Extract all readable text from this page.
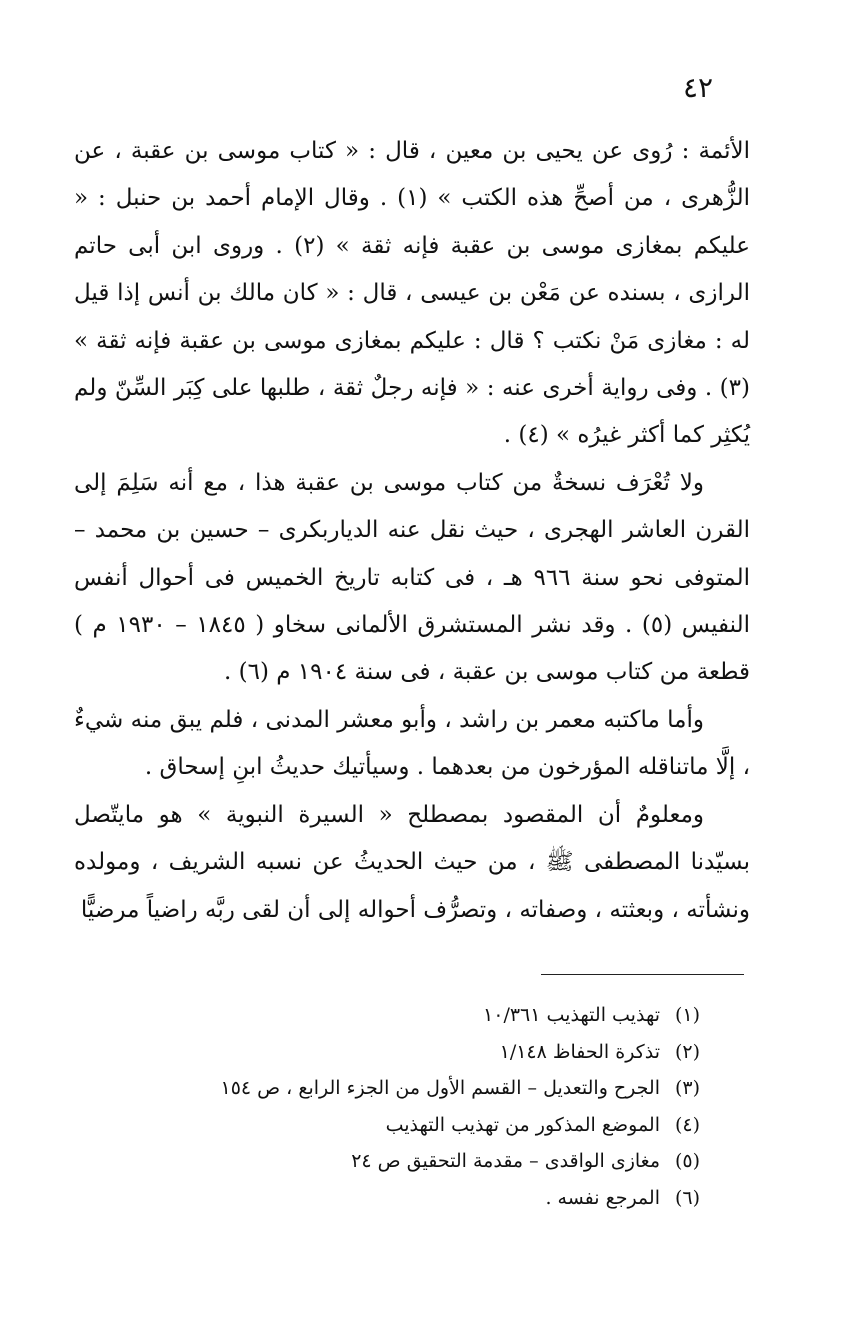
٤٢

الأئمة : رُوى عن يحيى بن معين ، قال : « كتاب موسى بن عقبة ، عن الزُّهرى ، من أصحِّ هذه الكتب » (١) . وقال الإمام أحمد بن حنبل : « عليكم بمغازى موسى بن عقبة فإنه ثقة » (٢) . وروى ابن أبى حاتم الرازى ، بسنده عن مَعْن بن عيسى ، قال : « كان مالك بن أنس إذا قيل له : مغازى مَنْ نكتب ؟ قال : عليكم بمغازى موسى بن عقبة فإنه ثقة » (٣) . وفى رواية أخرى عنه : « فإنه رجلٌ ثقة ، طلبها على كِبَر السِّنّ ولم يُكثِر كما أكثر غيرُه » (٤) .

ولا تُعْرَف نسخةٌ من كتاب موسى بن عقبة هذا ، مع أنه سَلِمَ إلى القرن العاشر الهجرى ، حيث نقل عنه الدياربكرى – حسين بن محمد – المتوفى نحو سنة ٩٦٦ هـ ، فى كتابه تاريخ الخميس فى أحوال أنفس النفيس (٥) . وقد نشر المستشرق الألمانى سخاو ( ١٨٤٥ – ١٩٣٠ م ) قطعة من كتاب موسى بن عقبة ، فى سنة ١٩٠٤ م (٦) .

وأما ماكتبه معمر بن راشد ، وأبو معشر المدنى ، فلم يبق منه شيءٌ ، إلَّا ماتناقله المؤرخون من بعدهما . وسيأتيك حديثُ ابنِ إسحاق .

ومعلومٌ أن المقصود بمصطلح « السيرة النبوية » هو مايتّصل بسيّدنا المصطفى ﷺ ، من حيث الحديثُ عن نسبه الشريف ، ومولده ونشأته ، وبعثته ، وصفاته ، وتصرُّف أحواله إلى أن لقى ربَّه راضياً مرضيًّا

(١)تهذيب التهذيب ١٠/٣٦١
(٢)تذكرة الحفاظ ١/١٤٨
(٣)الجرح والتعديل – القسم الأول من الجزء الرابع ، ص ١٥٤
(٤)الموضع المذكور من تهذيب التهذيب
(٥)مغازى الواقدى – مقدمة التحقيق ص ٢٤
(٦)المرجع نفسه .
